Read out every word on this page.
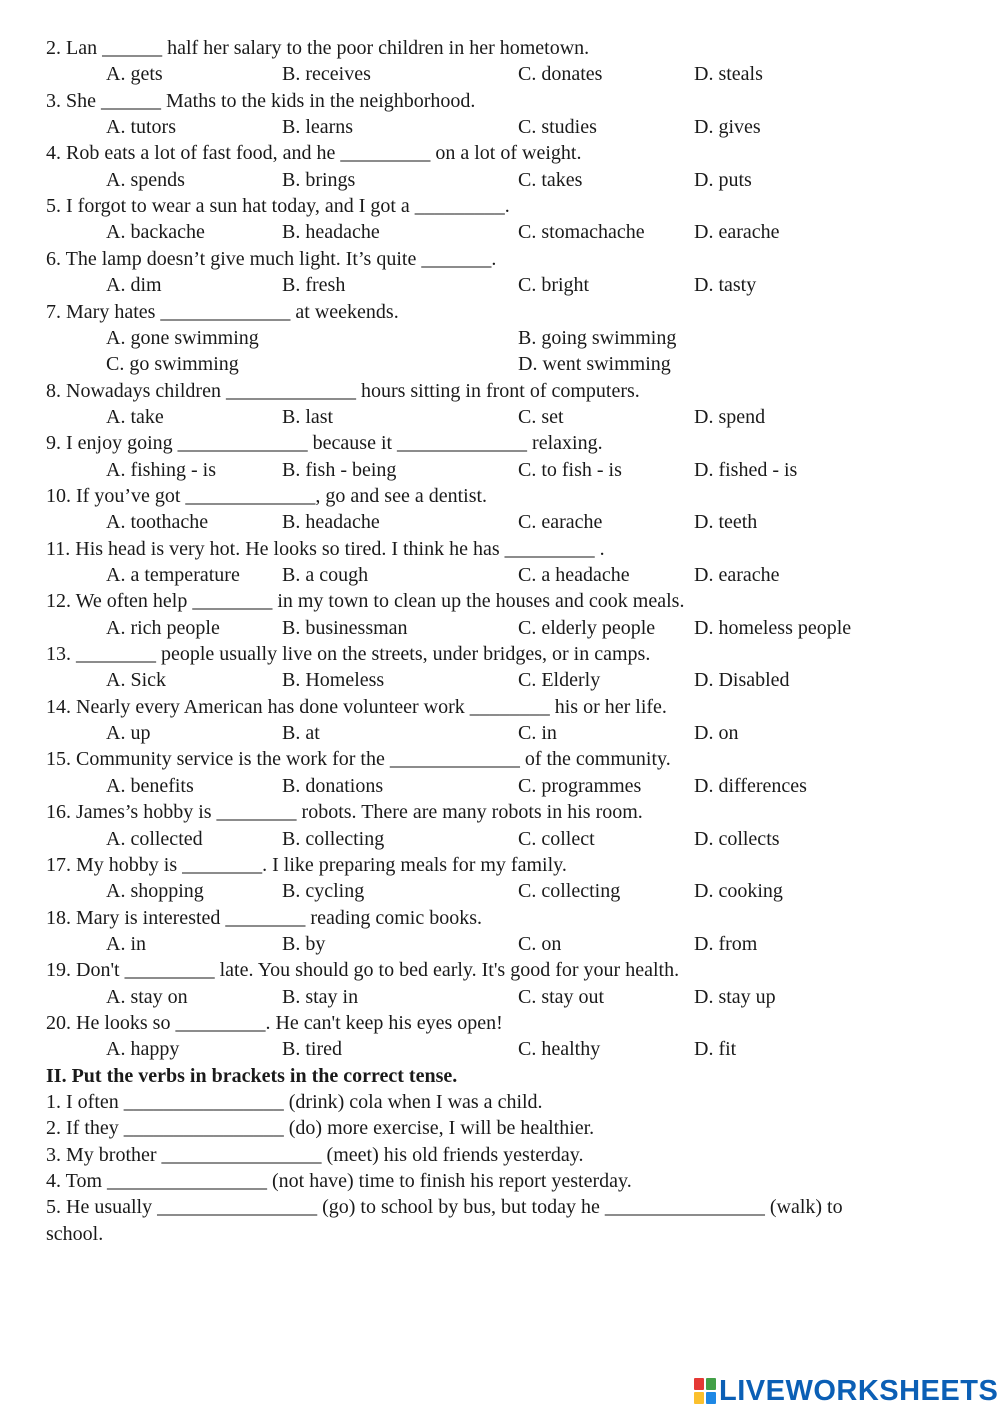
2. Lan ______ half her salary to the poor children in her hometown.
A. gets	B. receives	C. donates	D. steals
3. She ______ Maths to the kids in the neighborhood.
A. tutors	B. learns	C. studies	D. gives
4. Rob eats a lot of fast food, and he _________ on a lot of weight.
A. spends	B. brings	C. takes	D. puts
5. I forgot to wear a sun hat today, and I got a _________.
A. backache	B. headache	C. stomachache D. earache
6. The lamp doesn’t give much light. It’s quite _______.
A. dim	B. fresh	C. bright	D. tasty
7. Mary hates _____________ at weekends.
A. gone swimming	B. going swimming
C. go swimming	D. went swimming
8. Nowadays children _____________ hours sitting in front of computers.
A. take	B. last	C. set	D. spend
9. I enjoy going _____________ because it _____________ relaxing.
A. fishing - is	B. fish - being	C. to fish - is	D. fished - is
10. If you’ve got _____________, go and see a dentist.
A. toothache	B. headache	C. earache	D. teeth
11. His head is very hot. He looks so tired. I think he has _________ .
A. a temperature B. a cough	C. a headache	D. earache
12. We often help ________ in my town to clean up the houses and cook meals.
A. rich people	B. businessman	C. elderly people D. homeless people
13. ________ people usually live on the streets, under bridges, or in camps.
A. Sick	B. Homeless	C. Elderly	D. Disabled
14. Nearly every American has done volunteer work ________ his or her life.
A. up	B. at	C. in	D. on
15. Community service is the work for the _____________ of the community.
A. benefits	B. donations	C. programmes	D. differences
16. James’s hobby is ________ robots. There are many robots in his room.
A. collected	B. collecting	C. collect	D. collects
17. My hobby is ________. I like preparing meals for my family.
A. shopping	B. cycling	C. collecting	D. cooking
18. Mary is interested ________ reading comic books.
A. in	B. by	C. on	D. from
19. Don't _________ late. You should go to bed early. It's good for your health.
A. stay on	B. stay in	C. stay out	D. stay up
20. He looks so _________. He can't keep his eyes open!
A. happy	B. tired	C. healthy	D. fit
II. Put the verbs in brackets in the correct tense.
1. I often ________________ (drink) cola when I was a child.
2. If they ________________ (do) more exercise, I will be healthier.
3. My brother ________________ (meet) his old friends yesterday.
4. Tom ________________ (not have) time to finish his report yesterday.
5. He usually ________________ (go) to school by bus, but today he ________________ (walk) to
school.
LIVEWORKSHEETS
